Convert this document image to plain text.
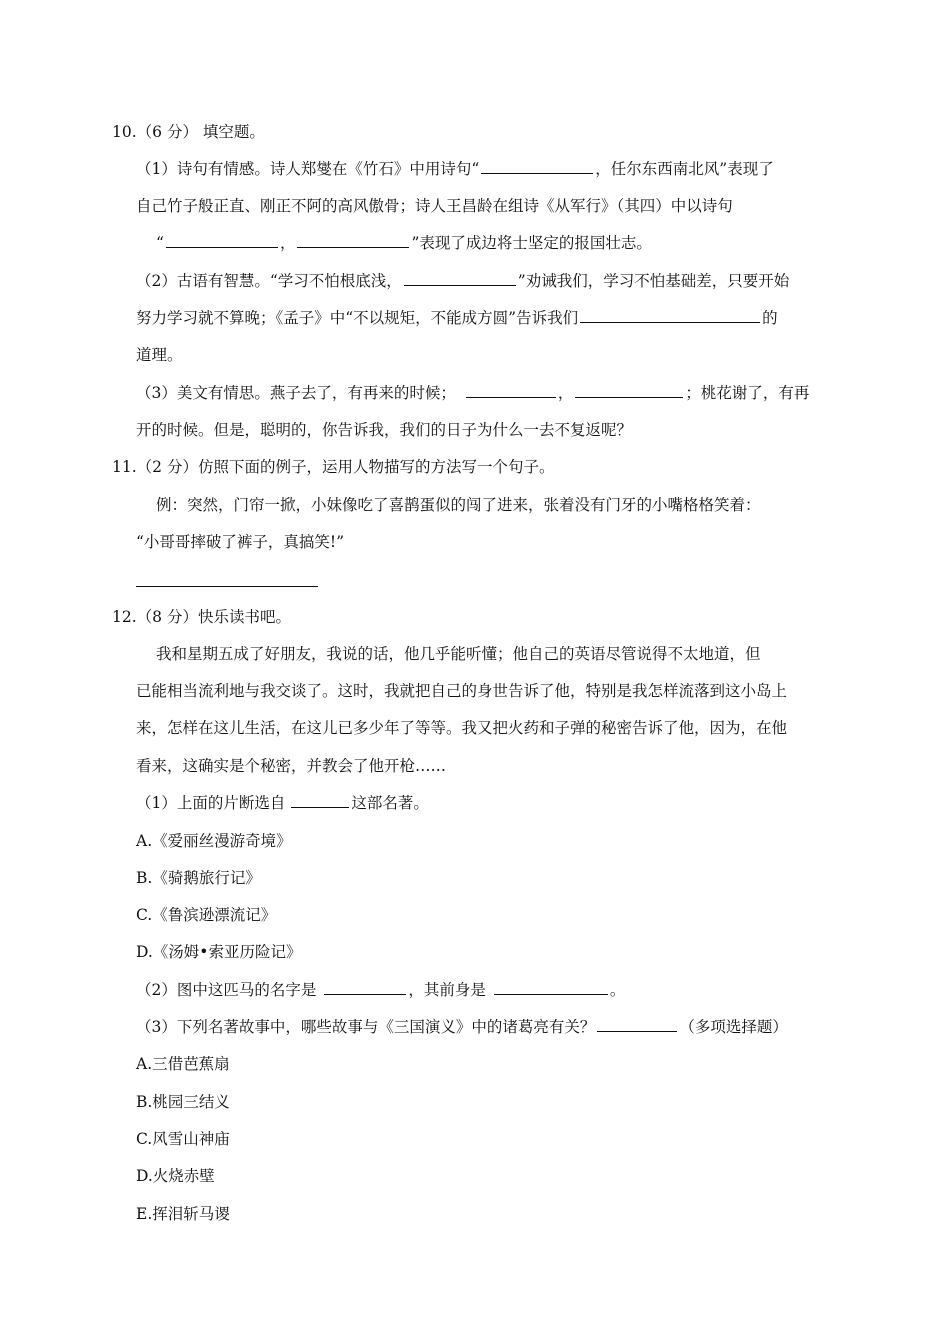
10.（6 分） 填空题。
（1）诗句有情感。诗人郑燮在《竹石》中用诗句“	，任尔东西南北风”表现了
自己竹子般正直、刚正不阿的高风傲骨；诗人王昌龄在组诗《从军行》（其四）中以诗句
“	，	”表现了成边将士坚定的报国壮志。
（2）古语有智慧。“学习不怕根底浅，	”劝诫我们，学习不怕基础差，只要开始
努力学习就不算晚；《孟子》中“不以规矩，不能成方圆”告诉我们	的
道理。
（3）美文有情思。燕子去了，有再来的时候；	，	；桃花谢了，有再
开的时候。但是，聪明的，你告诉我，我们的日子为什么一去不复返呢？
11.（2 分）仿照下面的例子，运用人物描写的方法写一个句子。
例：突然，门帘一掀，小妹像吃了喜鹊蛋似的闯了进来，张着没有门牙的小嘴格格笑着：
“小哥哥摔破了裤子，真搞笑!”
12.（8 分）快乐读书吧。
我和星期五成了好朋友，我说的话，他几乎能听懂；他自己的英语尽管说得不太地道，但
已能相当流利地与我交谈了。这时，我就把自己的身世告诉了他，特别是我怎样流落到这小岛上
来，怎样在这儿生活，在这儿已多少年了等等。我又把火药和子弹的秘密告诉了他，因为，在他
看来，这确实是个秘密，并教会了他开枪……
（1）上面的片断选自	这部名著。
A.《爱丽丝漫游奇境》
B.《骑鹅旅行记》
C.《鲁滨逊漂流记》
D.《汤姆•索亚历险记》
（2）图中这匹马的名字是	，其前身是	。
（3）下列名著故事中，哪些故事与《三国演义》中的诸葛亮有关？	（多项选择题）
A.三借芭蕉扇
B.桃园三结义
C.风雪山神庙
D.火烧赤壁
E.挥泪斩马谡
